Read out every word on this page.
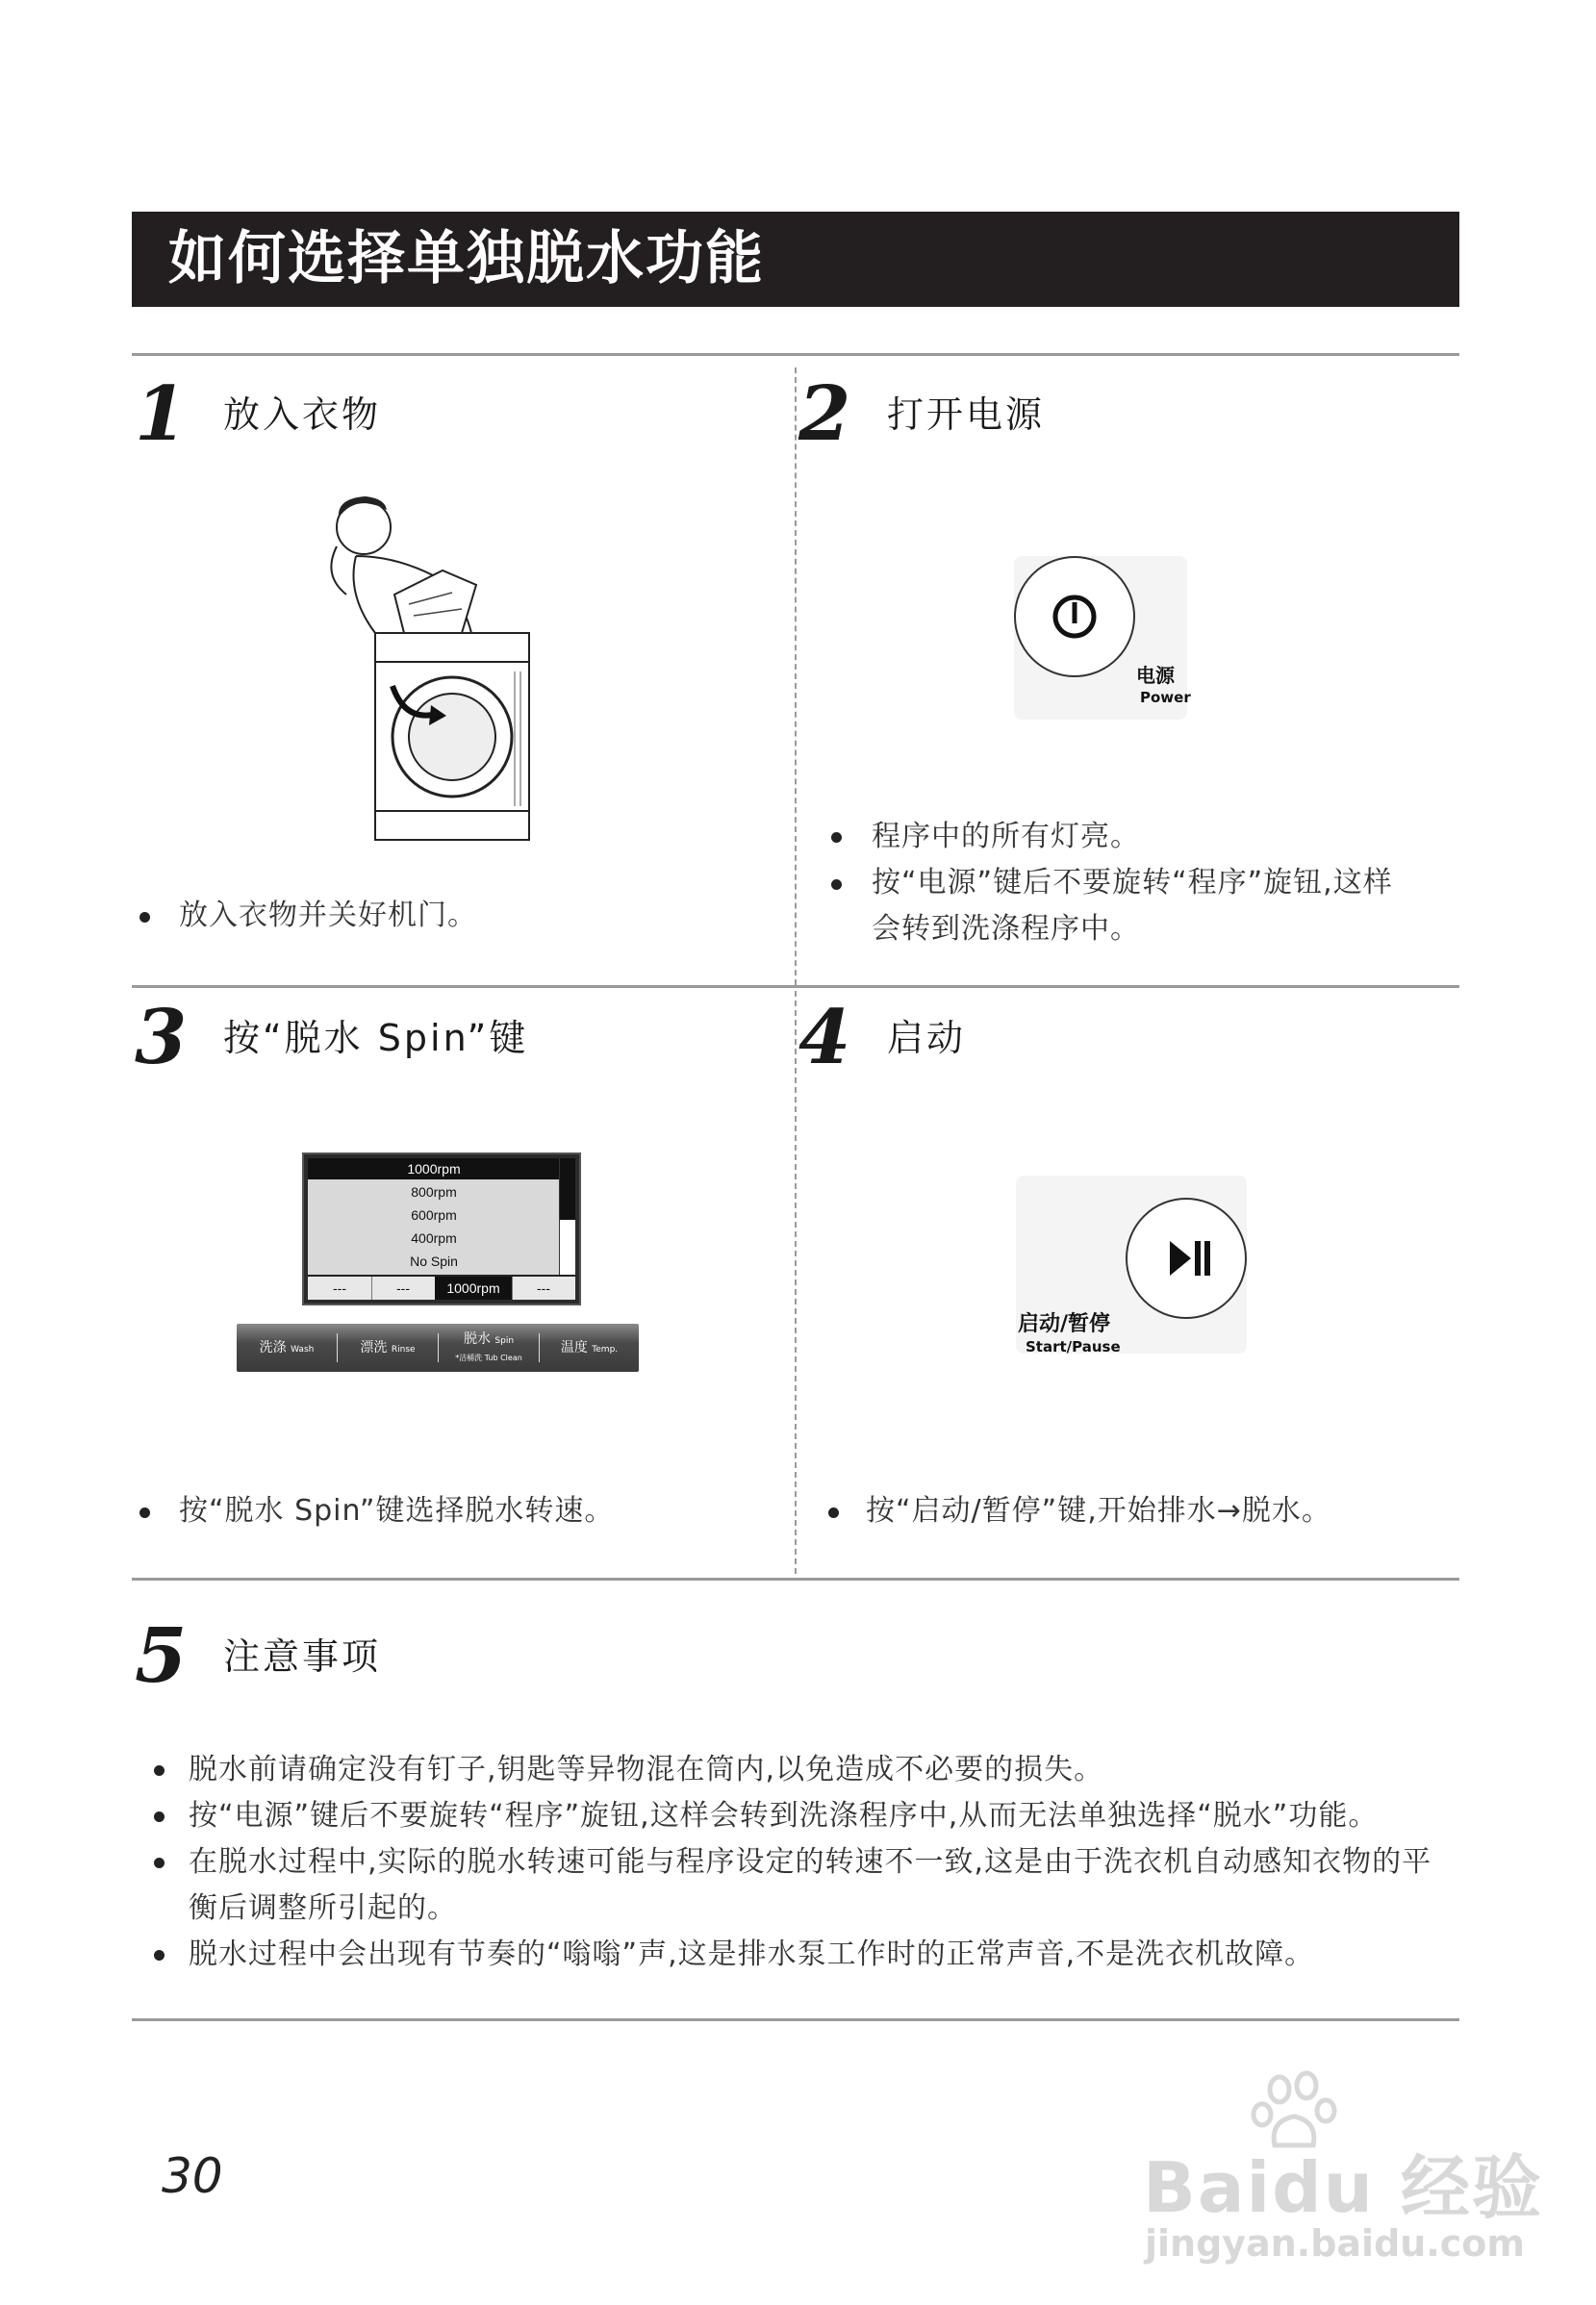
如何选择单独脱水功能
1 放入衣物
放入衣物并关好机门。
2 打开电源
电源
Power
程序中的所有灯亮。
按“电源”键后不要旋转“程序”旋钮,这样
会转到洗涤程序中。
3 按“脱水 Spin”键
1000rpm
800rpm
600rpm
400rpm
No Spin
---	---	1000rpm	---
洗涤 Wash	漂洗 Rinse
脱水 Spin
*洁桶洗 Tub Clean
温度 Temp.
按“脱水 Spin”键选择脱水转速。
4 启动
启动/暂停
Start/Pause
按“启动/暂停”键,开始排水→脱水。
5 注意事项
脱水前请确定没有钉子,钥匙等异物混在筒内,以免造成不必要的损失。
按“电源”键后不要旋转“程序”旋钮,这样会转到洗涤程序中,从而无法单独选择“脱水”功能。
在脱水过程中,实际的脱水转速可能与程序设定的转速不一致,这是由于洗衣机自动感知衣物的平衡后调整所引起的。
脱水过程中会出现有节奏的“嗡嗡”声,这是排水泵工作时的正常声音,不是洗衣机故障。
30	Baidu 经验
jingyan.baidu.com
